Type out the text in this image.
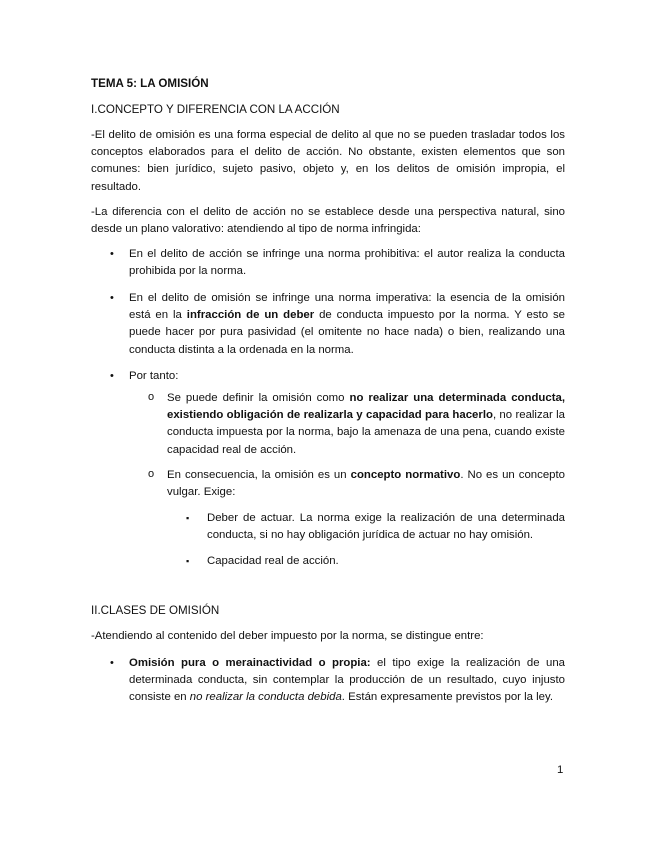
TEMA 5: LA OMISIÓN
I.CONCEPTO Y DIFERENCIA CON LA ACCIÓN

-El delito de omisión es una forma especial de delito al que no se pueden trasladar todos los conceptos elaborados para el delito de acción. No obstante, existen elementos que son comunes: bien jurídico, sujeto pasivo, objeto y, en los delitos de omisión impropia, el resultado.

-La diferencia con el delito de acción no se establece desde una perspectiva natural, sino desde un plano valorativo: atendiendo al tipo de norma infringida:

• En el delito de acción se infringe una norma prohibitiva: el autor realiza la conducta prohibida por la norma.
• En el delito de omisión se infringe una norma imperativa: la esencia de la omisión está en la infracción de un deber de conducta impuesto por la norma. Y esto se puede hacer por pura pasividad (el omitente no hace nada) o bien, realizando una conducta distinta a la ordenada en la norma.
• Por tanto:
o Se puede definir la omisión como no realizar una determinada conducta, existiendo obligación de realizarla y capacidad para hacerlo, no realizar la conducta impuesta por la norma, bajo la amenaza de una pena, cuando existe capacidad real de acción.
o En consecuencia, la omisión es un concepto normativo. No es un concepto vulgar. Exige:
▪ Deber de actuar. La norma exige la realización de una determinada conducta, si no hay obligación jurídica de actuar no hay omisión.
▪ Capacidad real de acción.
II.CLASES DE OMISIÓN

-Atendiendo al contenido del deber impuesto por la norma, se distingue entre:

• Omisión pura o merainactividad o propia: el tipo exige la realización de una determinada conducta, sin contemplar la producción de un resultado, cuyo injusto consiste en no realizar la conducta debida. Están expresamente previstos por la ley.
1
